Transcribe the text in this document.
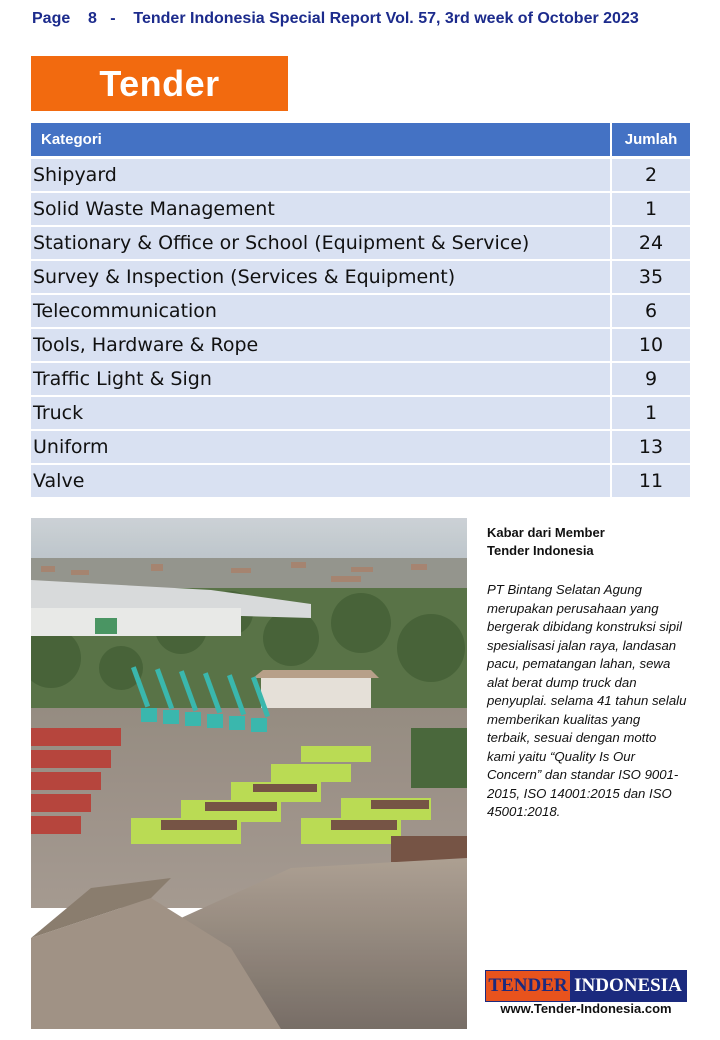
Page 8 - Tender Indonesia Special Report Vol. 57, 3rd week of October 2023
Tender
Kategori	Jumlah
Shipyard	2
Solid Waste Management	1
Stationary & Office or School (Equipment & Service)	24
Survey & Inspection (Services & Equipment)	35
Telecommunication	6
Tools, Hardware & Rope	10
Traffic Light & Sign	9
Truck	1
Uniform	13
Valve	11
Kabar dari Member
Tender Indonesia
PT Bintang Selatan Agung merupakan perusahaan yang bergerak dibidang konstruksi sipil spesialisasi jalan raya, landasan pacu, pematangan lahan, sewa alat berat dump truck dan penyuplai. selama 41 tahun selalu memberikan kualitas yang terbaik, sesuai dengan motto kami yaitu “Quality Is Our Concern” dan standar ISO 9001-2015, ISO 14001:2015 dan ISO 45001:2018.
TENDER INDONESIA
www.Tender-Indonesia.com
